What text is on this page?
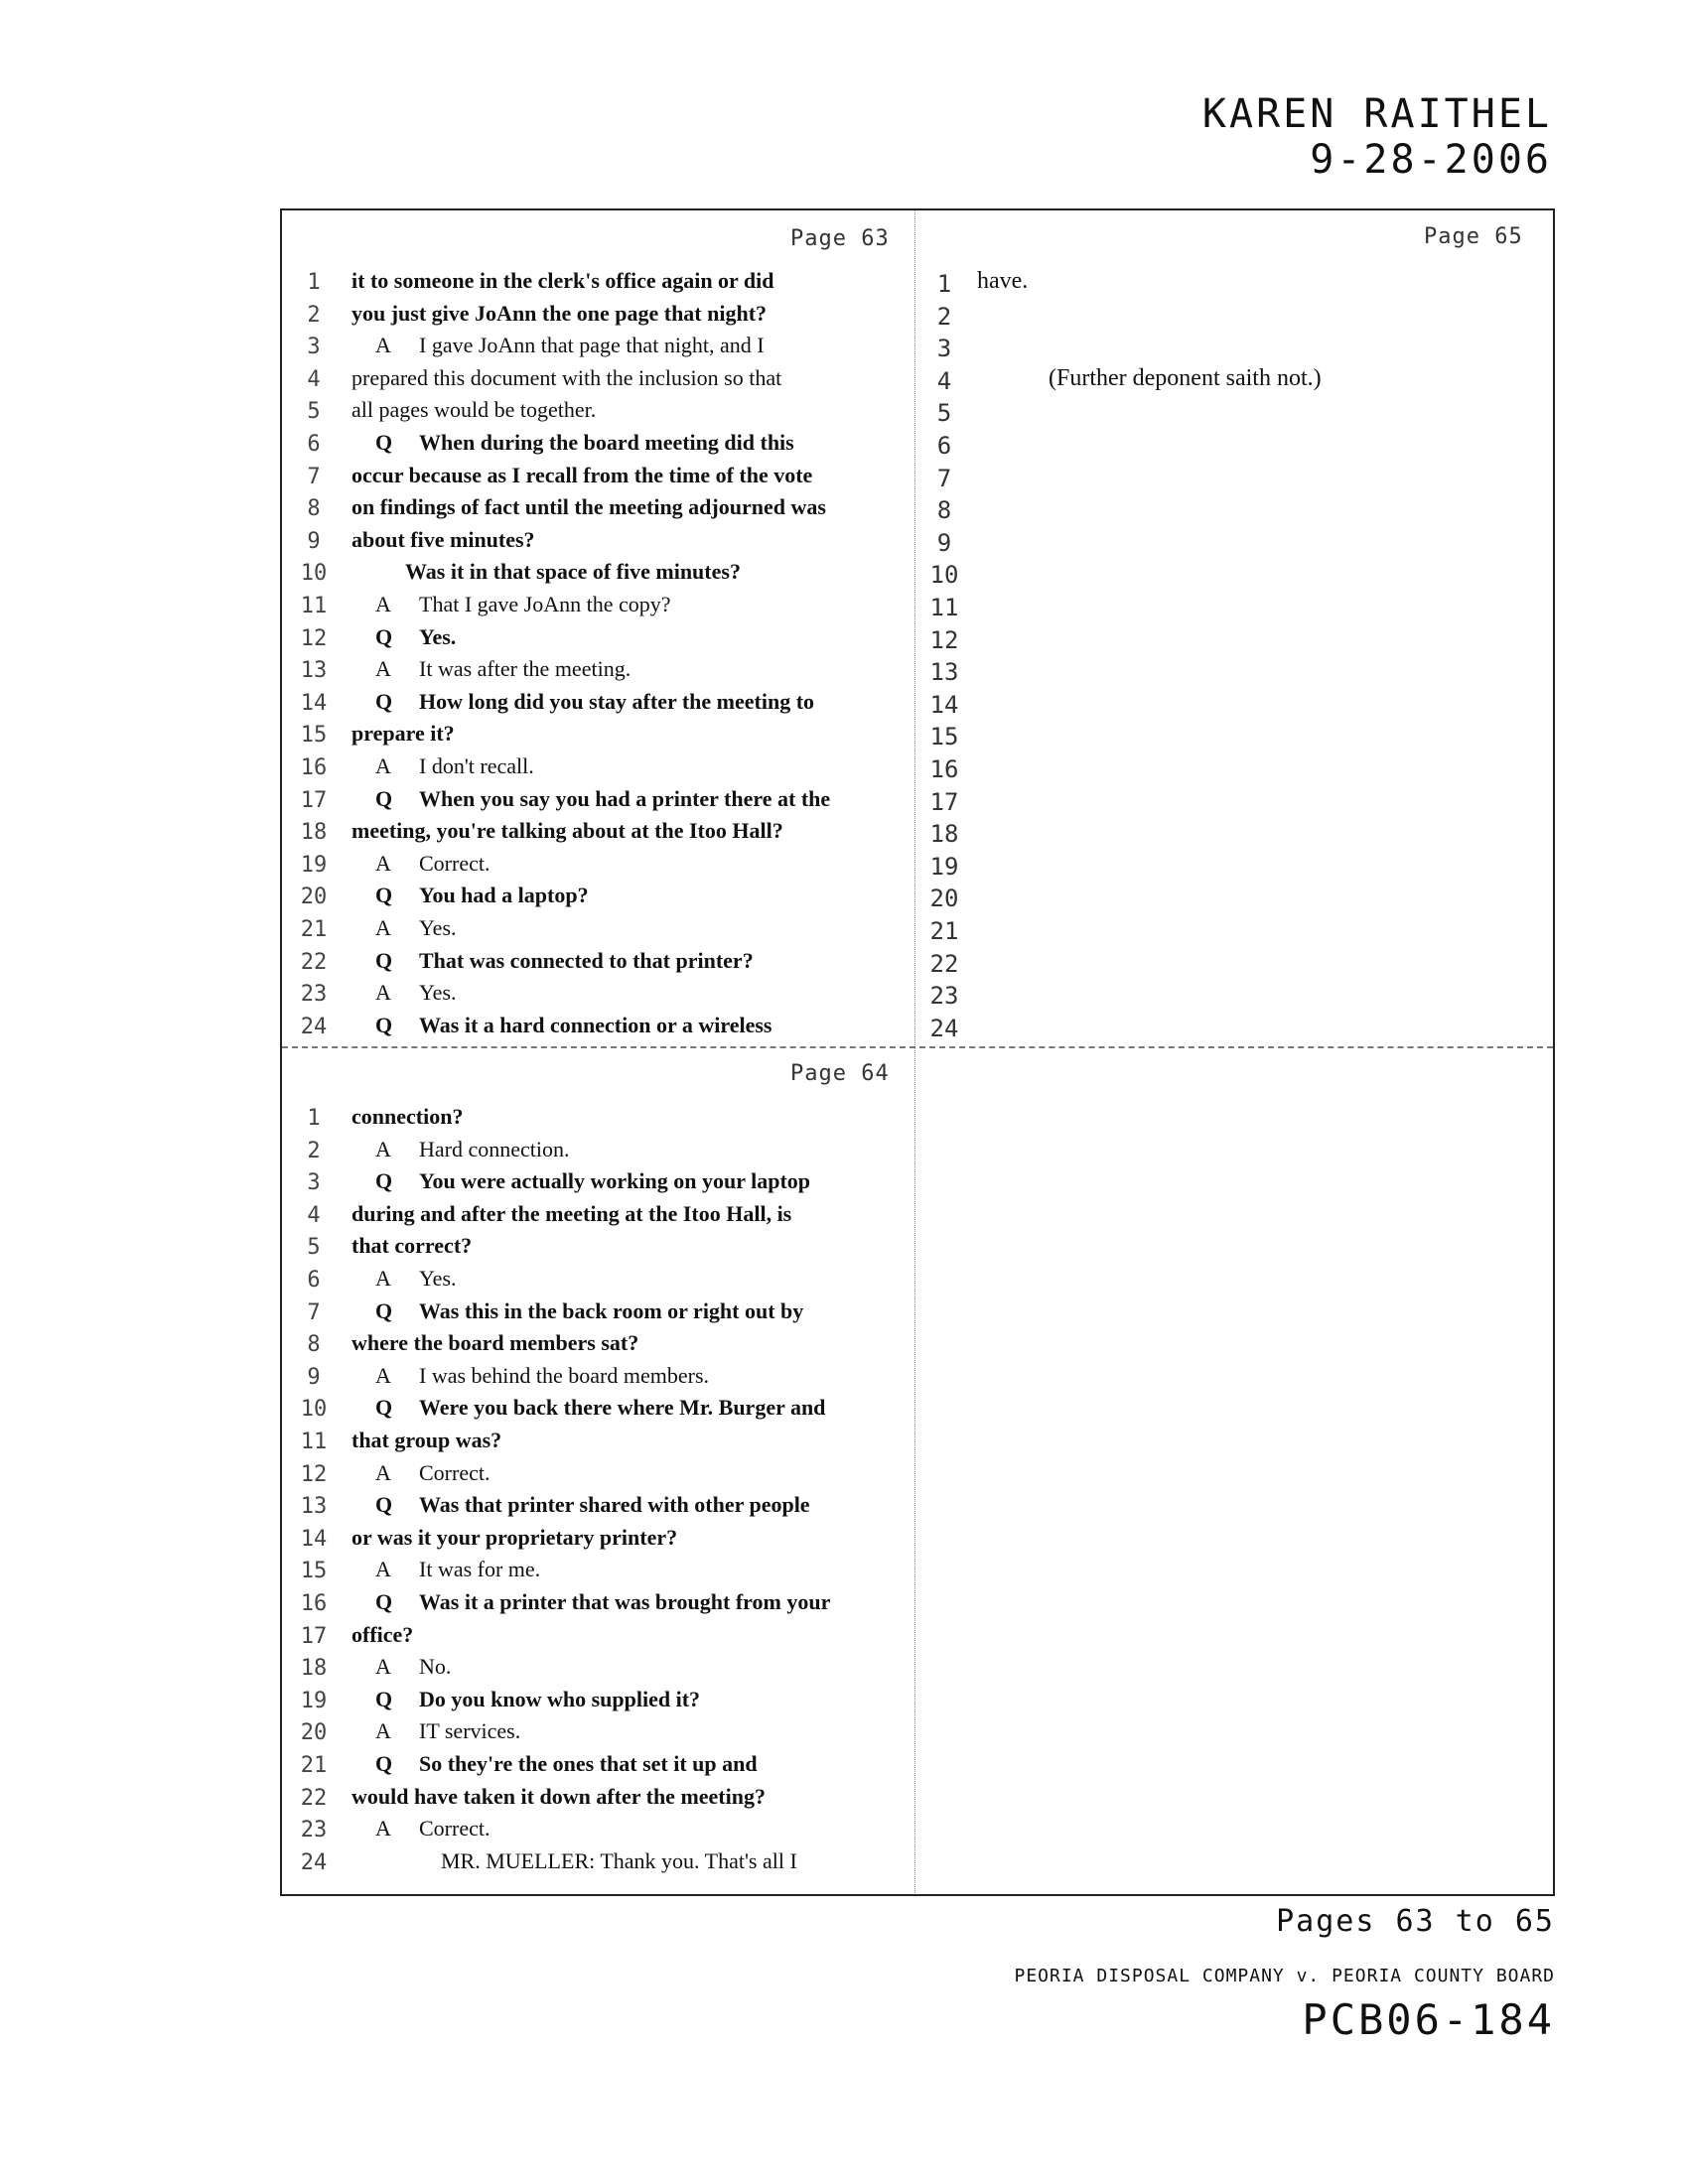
KAREN RAITHEL
9-28-2006
Page 63	Page 65
Page 64
1	it to someone in the clerk's office again or did
2	you just give JoAnn the one page that night?
3	A I gave JoAnn that page that night, and I
4	prepared this document with the inclusion so that
5	all pages would be together.
6	Q When during the board meeting did this
7	occur because as I recall from the time of the vote
8	on findings of fact until the meeting adjourned was
9	about five minutes?
10	Was it in that space of five minutes?
11	A That I gave JoAnn the copy?
12	Q Yes.
13	A It was after the meeting.
14	Q How long did you stay after the meeting to
15	prepare it?
16	A I don't recall.
17	Q When you say you had a printer there at the
18	meeting, you're talking about at the Itoo Hall?
19	A Correct.
20	Q You had a laptop?
21	A Yes.
22	Q That was connected to that printer?
23	A Yes.
24	Q Was it a hard connection or a wireless
1	connection?
2	A Hard connection.
3	Q You were actually working on your laptop
4	during and after the meeting at the Itoo Hall, is
5	that correct?
6	A Yes.
7	Q Was this in the back room or right out by
8	where the board members sat?
9	A I was behind the board members.
10	Q Were you back there where Mr. Burger and
11	that group was?
12	A Correct.
13	Q Was that printer shared with other people
14	or was it your proprietary printer?
15	A It was for me.
16	Q Was it a printer that was brought from your
17	office?
18	A No.
19	Q Do you know who supplied it?
20	A IT services.
21	Q So they're the ones that set it up and
22	would have taken it down after the meeting?
23	A Correct.
24	MR. MUELLER: Thank you. That's all I
1	have.
2
3
4	(Further deponent saith not.)
5
6
7
8
9
10
11
12
13
14
15
16
17
18
19
20
21
22
23
24
Pages 63 to 65
PEORIA DISPOSAL COMPANY v. PEORIA COUNTY BOARD
PCB06-184
